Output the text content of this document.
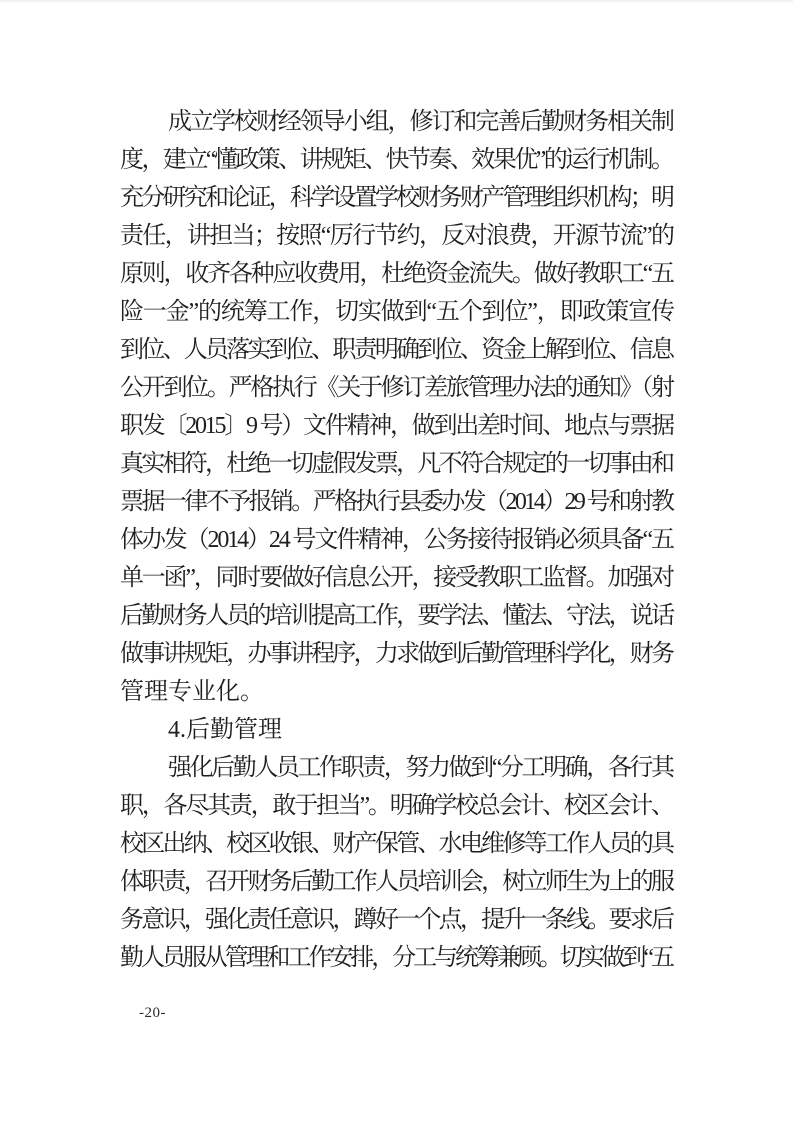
成立学校财经领导小组，修订和完善后勤财务相关制
度，建立“懂政策、讲规矩、快节奏、效果优”的运行机制。
充分研究和论证，科学设置学校财务财产管理组织机构；明
责任，讲担当；按照“厉行节约，反对浪费，开源节流”的
原则，收齐各种应收费用，杜绝资金流失。做好教职工“五
险一金”的统筹工作，切实做到“五个到位”，即政策宣传
到位、人员落实到位、职责明确到位、资金上解到位、信息
公开到位。严格执行《关于修订差旅管理办法的通知》（射
职发〔2015〕9 号）文件精神，做到出差时间、地点与票据
真实相符，杜绝一切虚假发票，凡不符合规定的一切事由和
票据一律不予报销。严格执行县委办发（2014）29 号和射教
体办发（2014）24 号文件精神，公务接待报销必须具备“五
单一函”，同时要做好信息公开，接受教职工监督。加强对
后勤财务人员的培训提高工作，要学法、懂法、守法，说话
做事讲规矩，办事讲程序，力求做到后勤管理科学化，财务
管理专业化。
4.后勤管理
强化后勤人员工作职责，努力做到“分工明确，各行其
职，各尽其责，敢于担当”。明确学校总会计、校区会计、
校区出纳、校区收银、财产保管、水电维修等工作人员的具
体职责，召开财务后勤工作人员培训会，树立师生为上的服
务意识，强化责任意识，蹲好一个点，提升一条线。要求后
勤人员服从管理和工作安排，分工与统筹兼顾。切实做到“五
-20-
